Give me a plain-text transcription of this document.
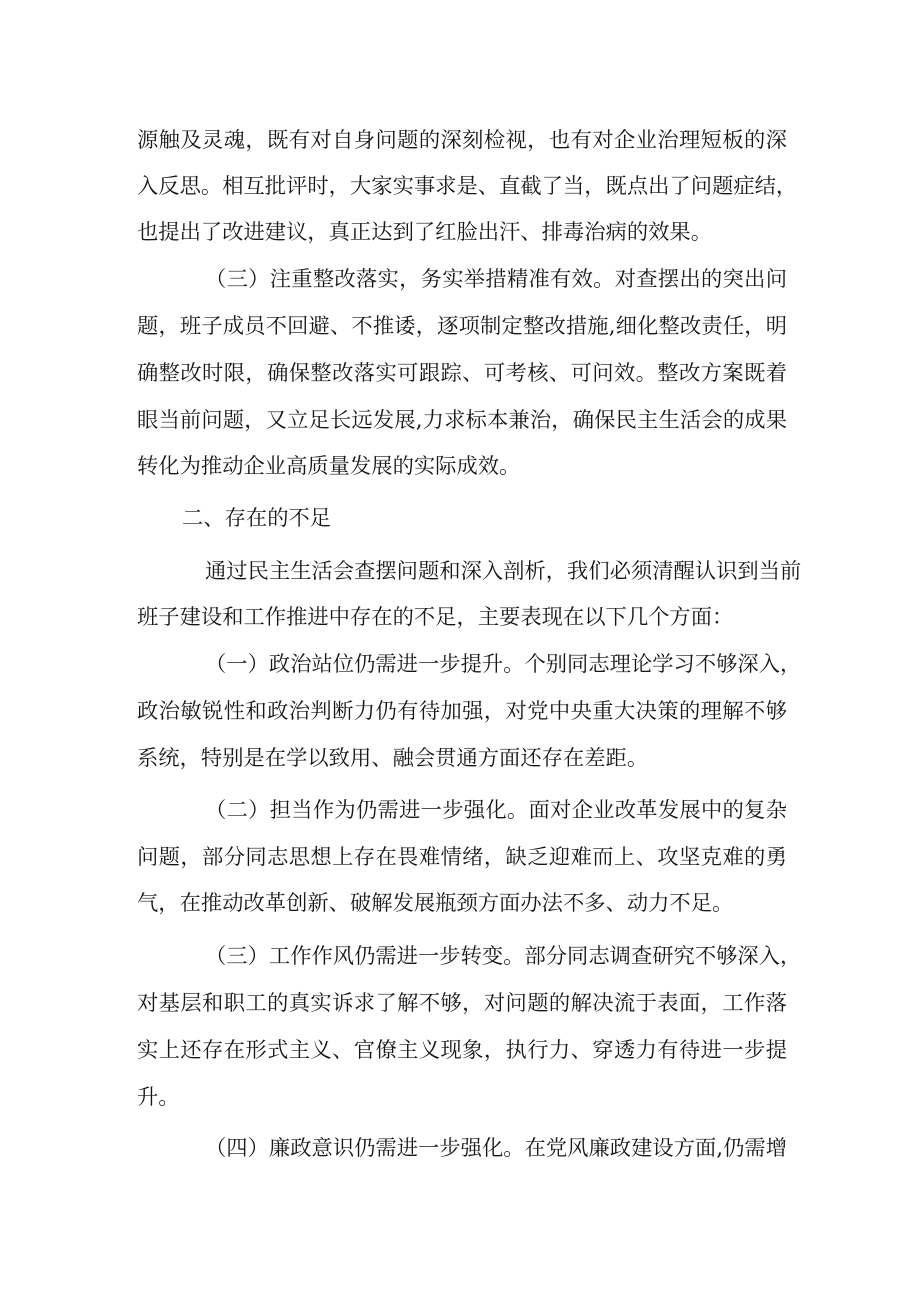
源触及灵魂，既有对自身问题的深刻检视，也有对企业治理短板的深
入反思。相互批评时，大家实事求是、直截了当，既点出了问题症结，
也提出了改进建议，真正达到了红脸出汗、排毒治病的效果。
（三）注重整改落实，务实举措精准有效。对查摆出的突出问
题，班子成员不回避、不推诿，逐项制定整改措施,细化整改责任，明
确整改时限，确保整改落实可跟踪、可考核、可问效。整改方案既着
眼当前问题，又立足长远发展,力求标本兼治，确保民主生活会的成果
转化为推动企业高质量发展的实际成效。
二、存在的不足
通过民主生活会查摆问题和深入剖析，我们必须清醒认识到当前
班子建设和工作推进中存在的不足，主要表现在以下几个方面：
（一）政治站位仍需进一步提升。个别同志理论学习不够深入，
政治敏锐性和政治判断力仍有待加强，对党中央重大决策的理解不够
系统，特别是在学以致用、融会贯通方面还存在差距。
（二）担当作为仍需进一步强化。面对企业改革发展中的复杂
问题，部分同志思想上存在畏难情绪，缺乏迎难而上、攻坚克难的勇
气，在推动改革创新、破解发展瓶颈方面办法不多、动力不足。
（三）工作作风仍需进一步转变。部分同志调查研究不够深入，
对基层和职工的真实诉求了解不够，对问题的解决流于表面，工作落
实上还存在形式主义、官僚主义现象，执行力、穿透力有待进一步提
升。
（四）廉政意识仍需进一步强化。在党风廉政建设方面,仍需增
